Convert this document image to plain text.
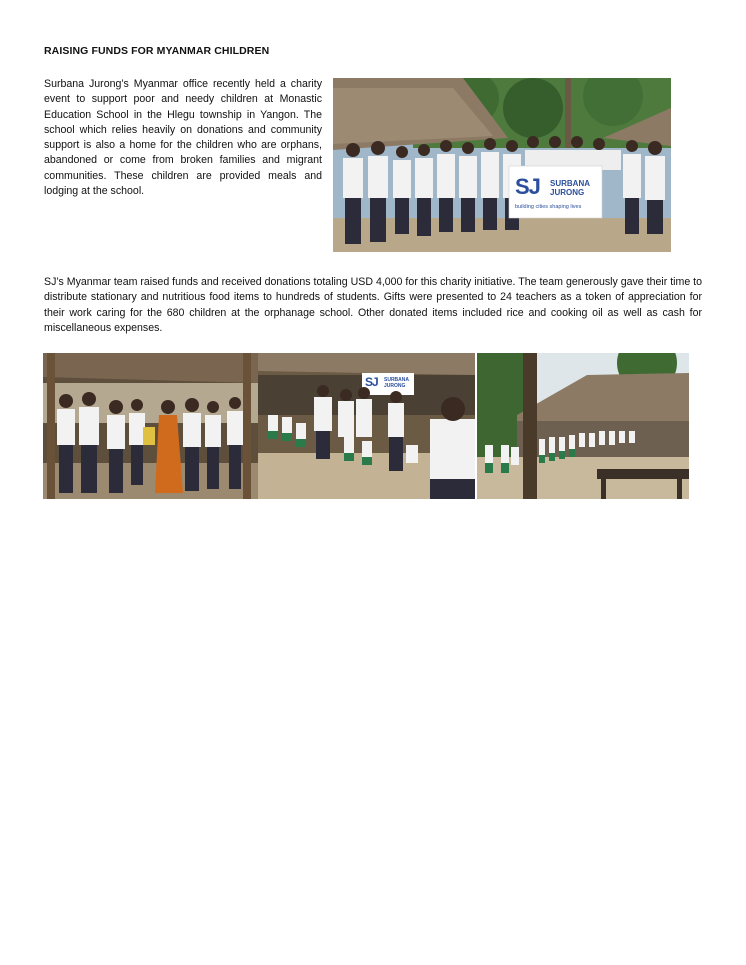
RAISING FUNDS FOR MYANMAR CHILDREN
Surbana Jurong’s Myanmar office recently held a charity event to support poor and needy children at Monastic Education School in the Hlegu township in Yangon. The school which relies heavily on donations and community support is also a home for the children who are orphans, abandoned or come from broken families and migrant communities. These children are provided meals and lodging at the school.	SJ SURBANA
JURONG
building cities shaping lives
SJ’s Myanmar team raised funds and received donations totaling USD 4,000 for this charity initiative. The team generously gave their time to distribute stationary and nutritious food items to hundreds of students. Gifts were presented to 24 teachers as a token of appreciation for their work caring for the 680 children at the orphanage school. Other donated items included rice and cooking oil as well as cash for miscellaneous expenses.
SJ SURBANA
JURONG
